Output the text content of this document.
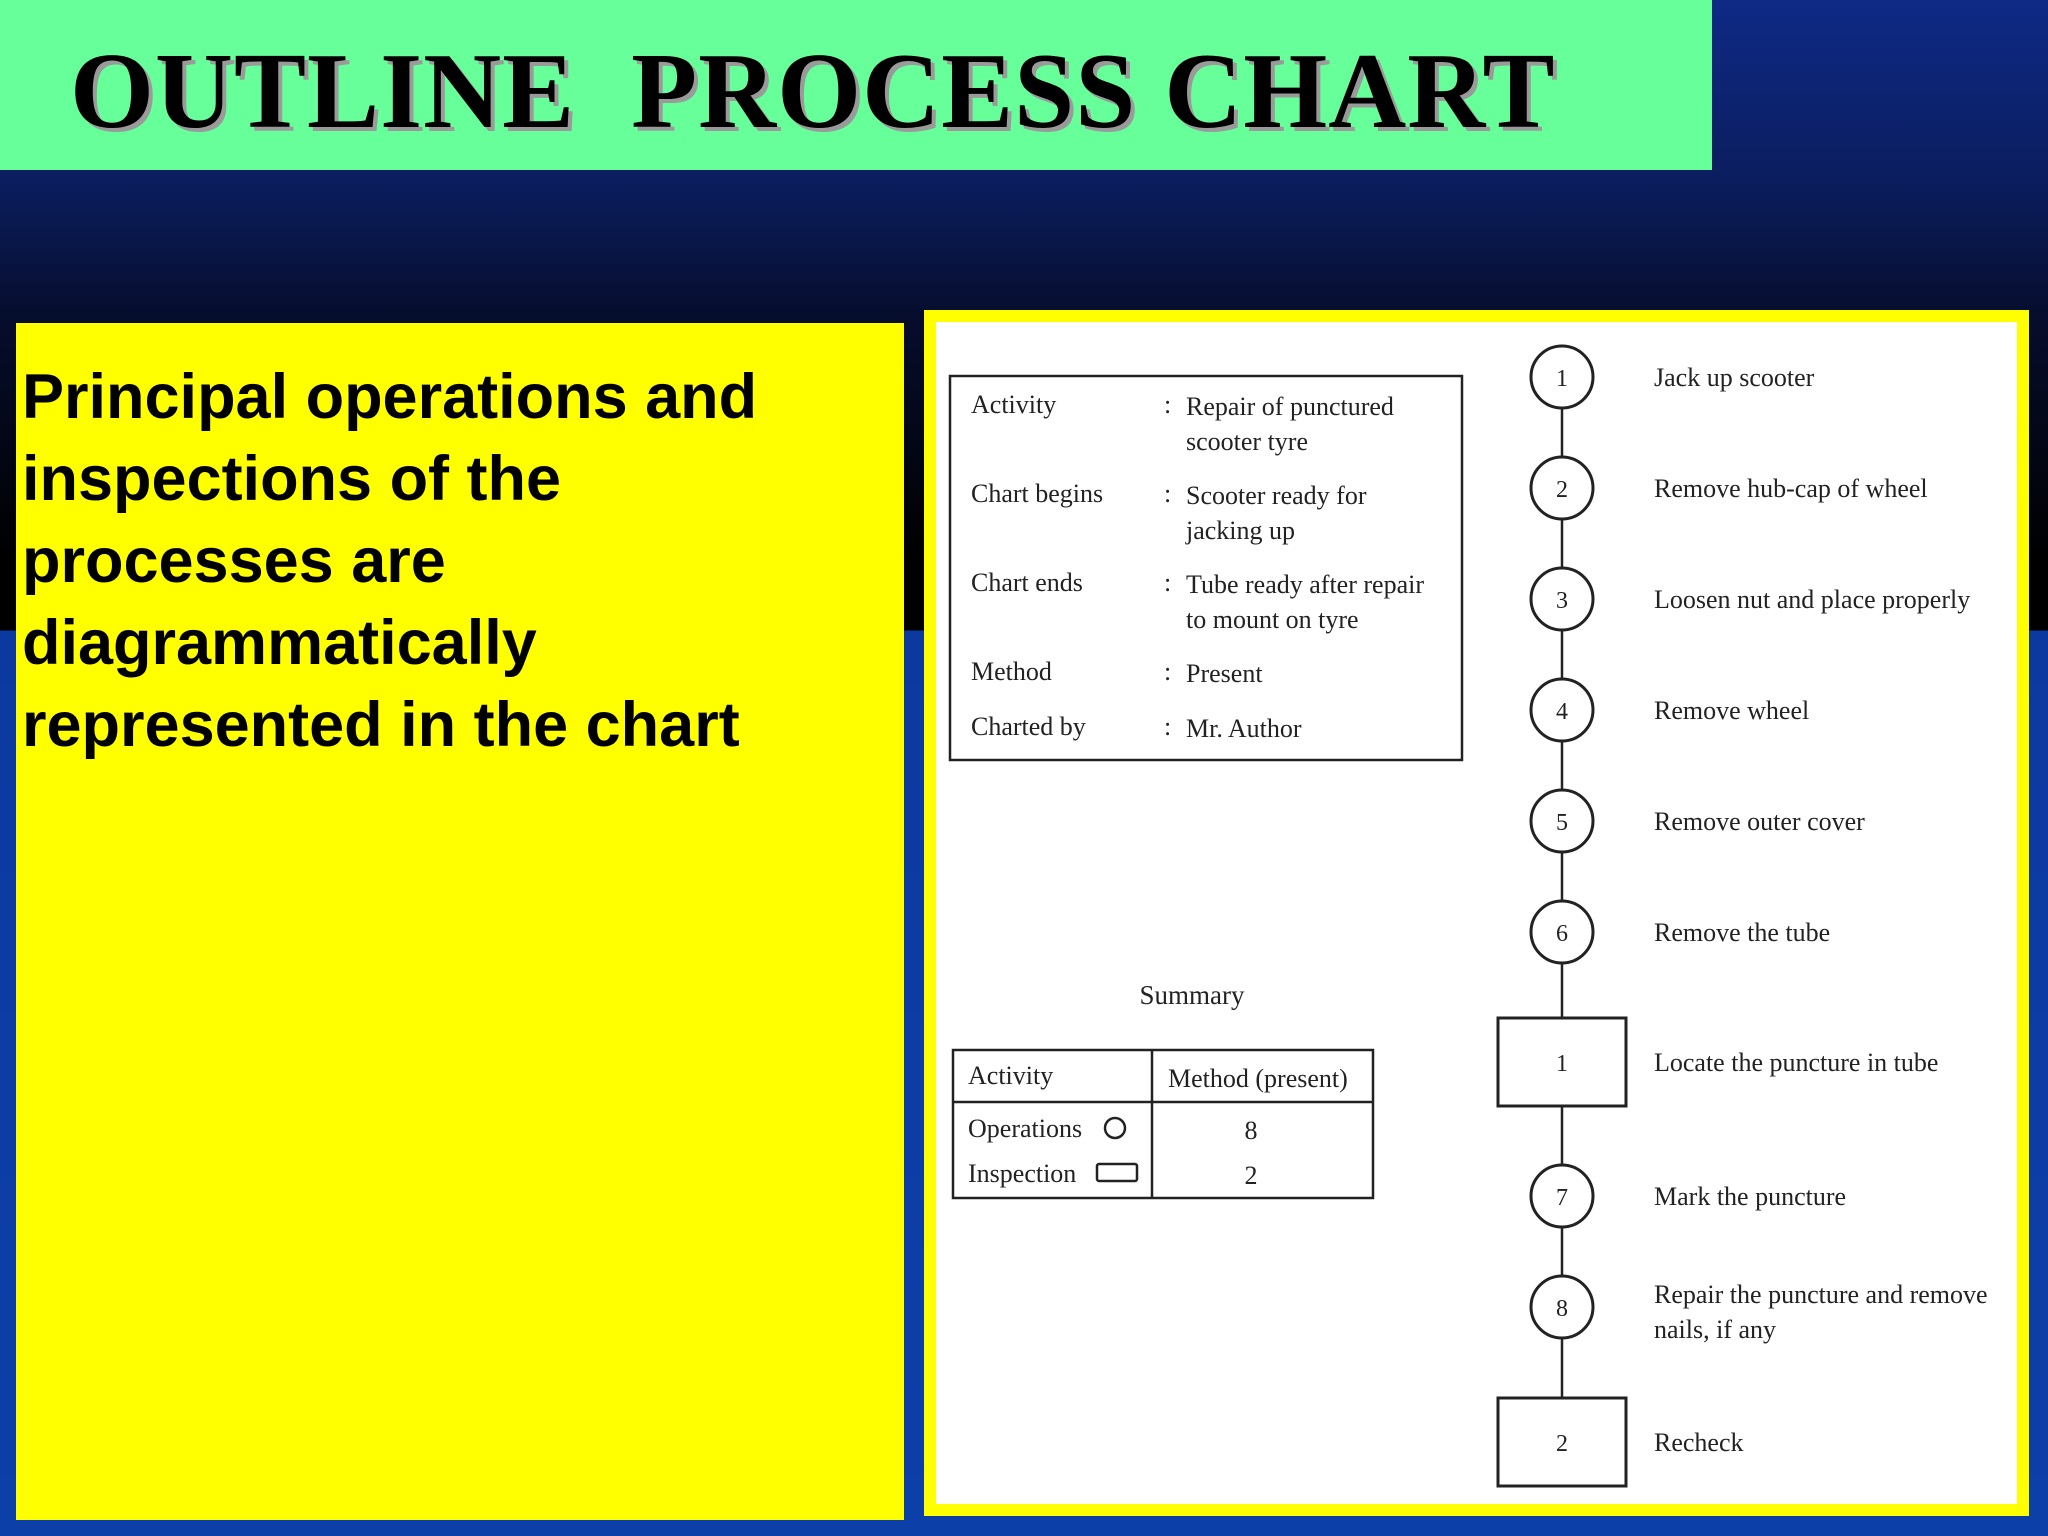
OUTLINE  PROCESS CHART
Principal operations and inspections of the processes are diagrammatically represented in the chart
Activity	: Repair of punctured
scooter tyre
Chart begins : Scooter ready for
jacking up
Chart ends	: Tube ready after repair
to mount on tyre
Method	: Present
Charted by	: Mr. Author
Summary
Activity	Method (present)
Operations	8
Inspection	2
1	Jack up scooter
2	Remove hub-cap of wheel
3	Loosen nut and place properly
4	Remove wheel
5	Remove outer cover
6	Remove the tube
1	Locate the puncture in tube
7	Mark the puncture
8	Repair the puncture and remove
nails, if any
2	Recheck
